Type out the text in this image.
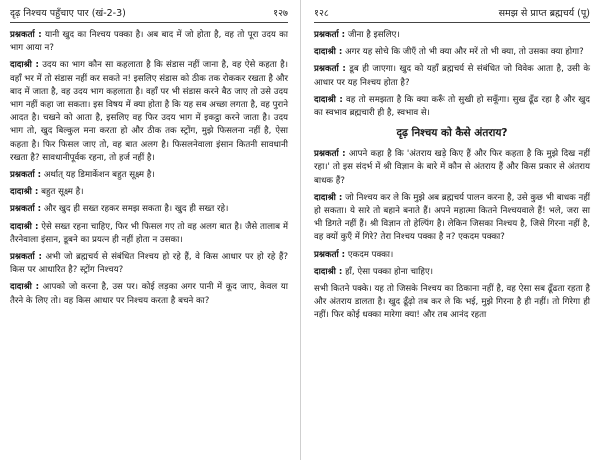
दृढ़ निश्चय पहुँचाए पार (खं-2-3)	१२७

प्रश्नकर्ता : यानी खुद का निश्चय पक्का है। अब बाद में जो होता है, वह तो पूरा उदय का भाग आया न?

दादाश्री : उदय का भाग कौन सा कहलाता है कि संडास नहीं जाना है, वह ऐसे कहता है। वहाँ भर में तो संडास नहीं कर सकते न! इसलिए संडास को ठीक तक रोककर रखता है और बाद में जाता है, वह उदय भाग कहलाता है। वहाँ पर भी संडास करने बैठ जाए तो उसे उदय भाग नहीं कहा जा सकता। इस विषय में क्या होता है कि यह सब अच्छा लगता है, वह पुराने आदत है। चखने को आता है, इसलिए वह फिर उदय भाग में इकट्ठा करने जाता है। उदय भाग तो, खुद बिल्कुल मना करता हो और ठीक तक स्ट्रोंग, मुझे फिसलना नहीं है, ऐसा कहता है। फिर फिसल जाए तो, वह बात अलग है। फिसलनेवाला इंसान कितनी सावधानी रखता है? सावधानीपूर्वक रहना, तो हर्ज नहीं है।

प्रश्नकर्ता : अर्थात् यह डिमार्केशन बहुत सूक्ष्म है।

दादाश्री : बहुत सूक्ष्म है।

प्रश्नकर्ता : और खुद ही सख्त रहकर समझ सकता है। खुद ही सख्त रहे।

दादाश्री : ऐसे सख्त रहना चाहिए, फिर भी फिसल गए तो वह अलग बात है। जैसे तालाब में तैरनेवाला इंसान, डूबने का प्रयत्न ही नहीं होता न उसका।

प्रश्नकर्ता : अभी जो ब्रह्मचर्य से संबंधित निश्चय हो रहे हैं, वे किस आधार पर हो रहे हैं? किस पर आधारित है? स्ट्रोंग निश्चय?

दादाश्री : आपको जो करना है, उस पर। कोई लड़का अगर पानी में कूद जाए, केवल या तैरने के लिए तो। वह किस आधार पर निश्चय करता है बचने का?

१२८	समझ से प्राप्त ब्रह्मचर्य (पू)

प्रश्नकर्ता : जीना है इसलिए।

दादाश्री : अगर यह सोचे कि जीएँ तो भी क्या और मरें तो भी क्या, तो उसका क्या होगा?

प्रश्नकर्ता : डूब ही जाएगा। खुद को यहाँ ब्रह्मचर्य से संबंधित जो विवेक आता है, उसी के आधार पर यह निश्चय होता है?

दादाश्री : वह तो समझता है कि क्या करूँ तो सुखी हो सकूँगा। सुख ढूँढ रहा है और खुद का स्वभाव ब्रह्मचारी ही है, स्वभाव से।

दृढ़ निश्चय को कैसे अंतराय?

प्रश्नकर्ता : आपने कहा है कि 'अंतराय खड़े किए हैं और फिर कहता है कि मुझे दिख नहीं रहा।' तो इस संदर्भ में श्री विज्ञान के बारे में कौन से अंतराय हैं और किस प्रकार से अंतराय बाधक हैं?

दादाश्री : जो निश्चय कर ले कि मुझे अब ब्रह्मचर्य पालन करना है, उसे कुछ भी बाधक नहीं हो सकता। ये सारे तो बहाने बनाते हैं। अपने महात्मा कितने निश्चयवाले हैं! भले, जरा सा भी डिगते नहीं हैं। श्री विज्ञान तो हेल्पिंग है। लेकिन जिसका निश्चय है, जिसे गिरना नहीं है, वह क्यों कुएँ में गिरे? तेरा निश्चय पक्का है न? एकदम पक्का?

प्रश्नकर्ता : एकदम पक्का।

दादाश्री : हाँ, ऐसा पक्का होना चाहिए।

सभी कितने पक्के। यह तो जिसके निश्चय का ठिकाना नहीं है, वह ऐसा सब ढूँढता रहता है और अंतराय डालता है। खुद ढूँढ़ो तब कर ले कि भई, मुझे गिरना है ही नहीं। तो गिरेगा ही नहीं। फिर कोई धक्का मारेगा क्या! और तब आनंद रहता
